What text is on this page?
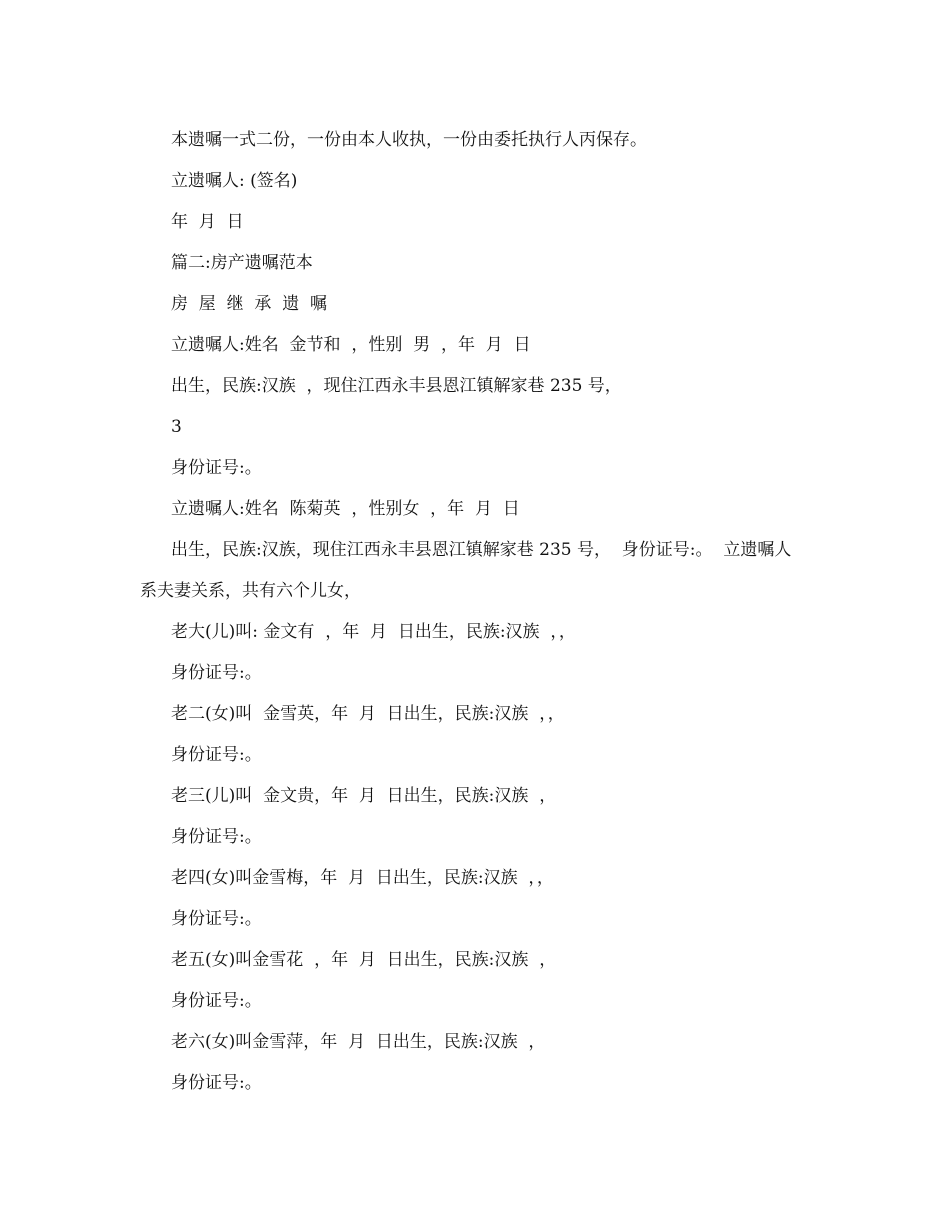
本遗嘱一式二份，一份由本人收执，一份由委托执行人丙保存。
立遗嘱人: (签名)
年  月  日
篇二:房产遗嘱范本
房  屋  继  承  遗  嘱
立遗嘱人:姓名  金节和  ，性别  男  ，年  月  日
出生，民族:汉族  ，现住江西永丰县恩江镇解家巷 235 号，
3
身份证号:。
立遗嘱人:姓名  陈菊英  ，性别女  ，年  月  日

出生，民族:汉族，现住江西永丰县恩江镇解家巷 235 号，  身份证号:。  立遗嘱人系夫妻关系，共有六个儿女，

老大(儿)叫: 金文有  ，年  月  日出生，民族:汉族  ，，
身份证号:。
老二(女)叫  金雪英，年  月  日出生，民族:汉族  ，，
身份证号:。
老三(儿)叫  金文贵，年  月  日出生，民族:汉族  ，
身份证号:。
老四(女)叫金雪梅，年  月  日出生，民族:汉族  ，，
身份证号:。
老五(女)叫金雪花  ，年  月  日出生，民族:汉族  ，
身份证号:。
老六(女)叫金雪萍，年  月  日出生，民族:汉族  ，
身份证号:。
